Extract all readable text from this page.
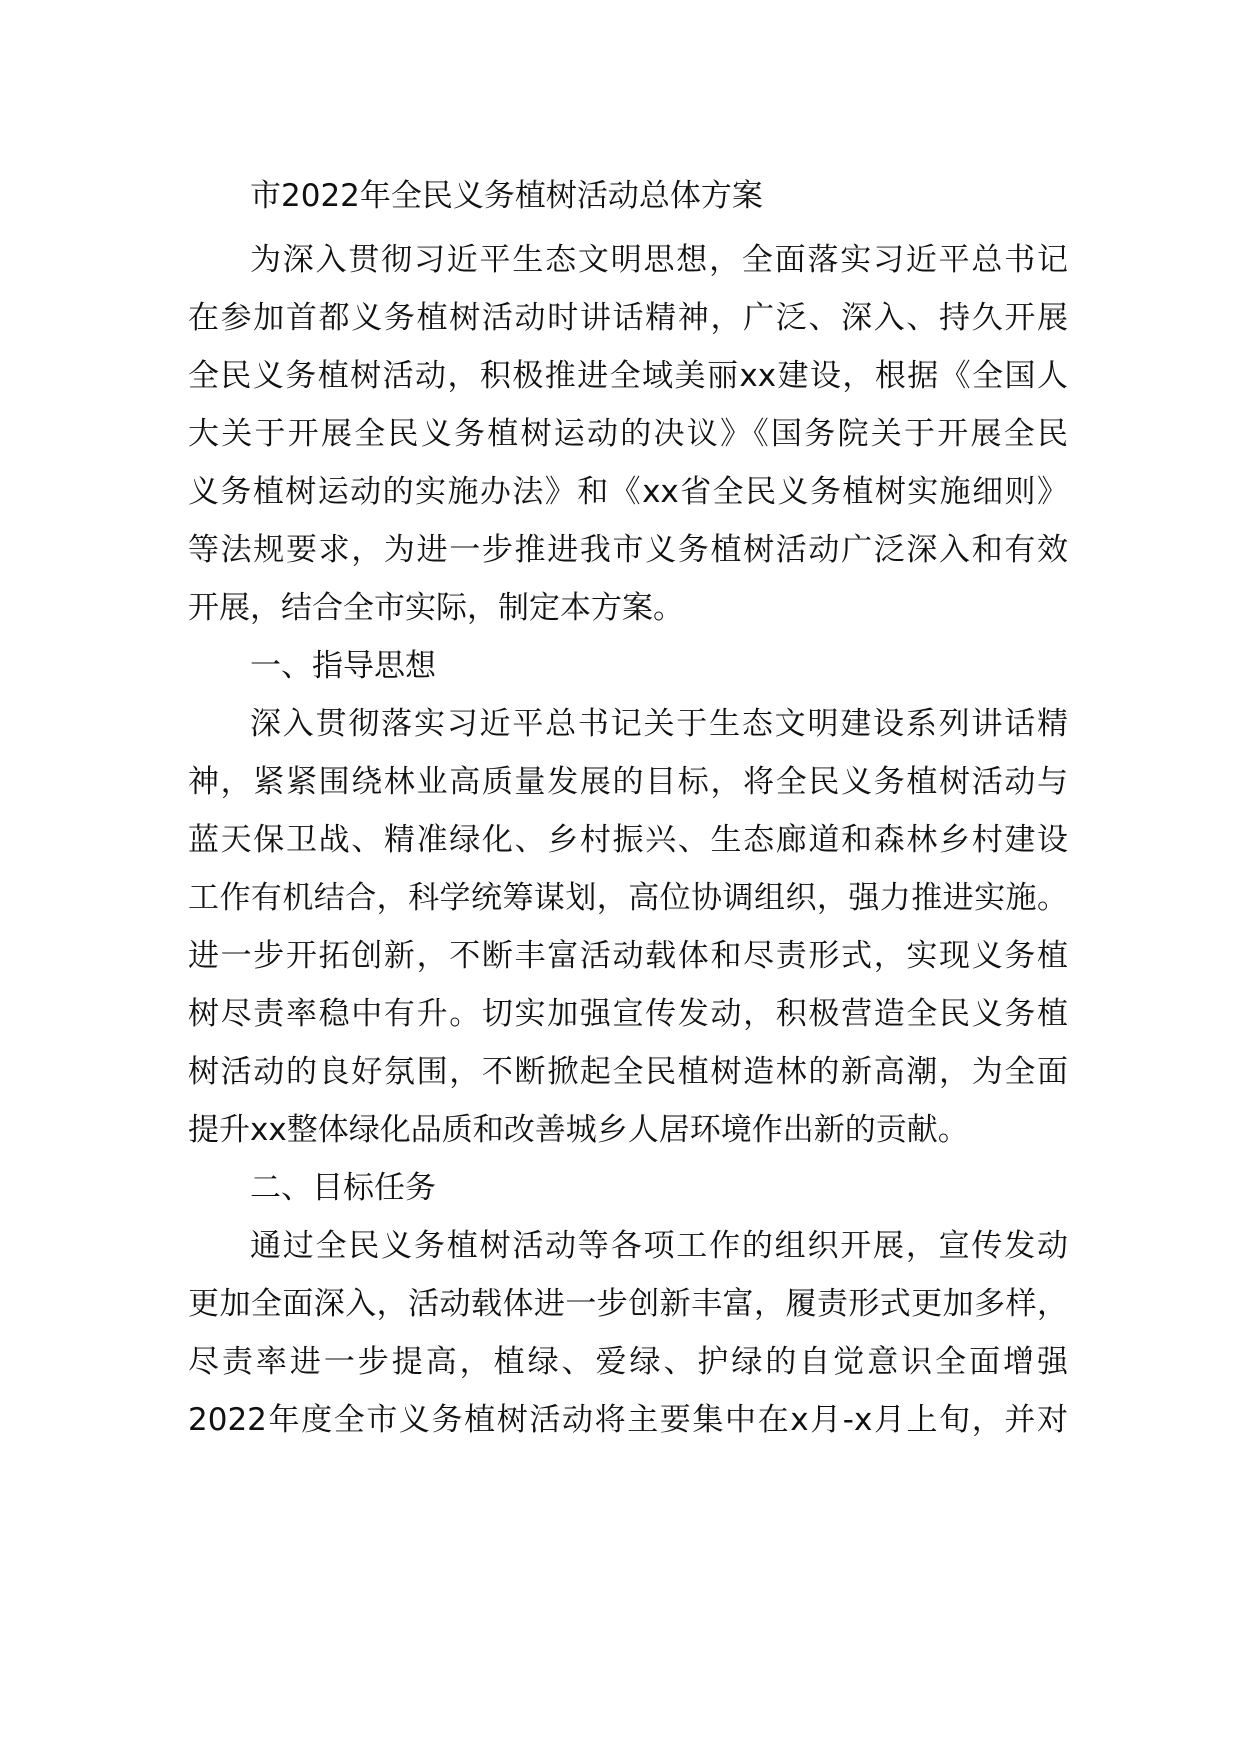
市2022年全民义务植树活动总体方案
为深入贯彻习近平生态文明思想，全面落实习近平总书记
在参加首都义务植树活动时讲话精神，广泛、深入、持久开展
全民义务植树活动，积极推进全域美丽xx建设，根据《全国人
大关于开展全民义务植树运动的决议》《国务院关于开展全民
义务植树运动的实施办法》和《xx省全民义务植树实施细则》
等法规要求，为进一步推进我市义务植树活动广泛深入和有效
开展，结合全市实际，制定本方案。
一、指导思想
深入贯彻落实习近平总书记关于生态文明建设系列讲话精
神，紧紧围绕林业高质量发展的目标，将全民义务植树活动与
蓝天保卫战、精准绿化、乡村振兴、生态廊道和森林乡村建设
工作有机结合，科学统筹谋划，高位协调组织，强力推进实施。
进一步开拓创新，不断丰富活动载体和尽责形式，实现义务植
树尽责率稳中有升。切实加强宣传发动，积极营造全民义务植
树活动的良好氛围，不断掀起全民植树造林的新高潮，为全面
提升xx整体绿化品质和改善城乡人居环境作出新的贡献。
二、目标任务
通过全民义务植树活动等各项工作的组织开展，宣传发动
更加全面深入，活动载体进一步创新丰富，履责形式更加多样，
尽责率进一步提高，植绿、爱绿、护绿的自觉意识全面增强
2022年度全市义务植树活动将主要集中在x月-x月上旬，并对
